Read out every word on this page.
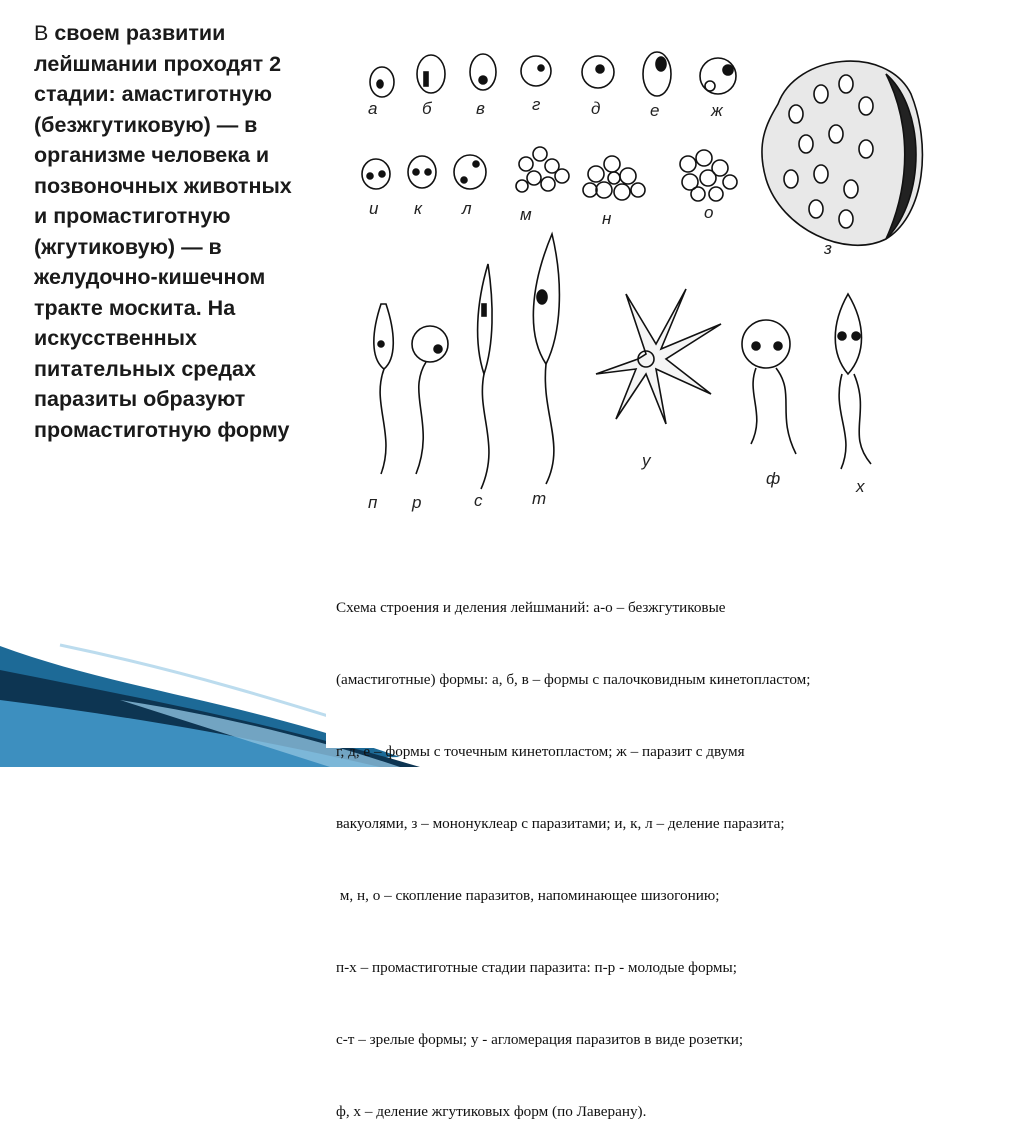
В своем развитии лейшмании проходят 2 стадии: амастиготную (безжгутиковую) — в организме человека и позвоночных животных и промастиготную (жгутиковую) — в желудочно-кишечном тракте москита. На искусственных питательных средах паразиты образуют промастиготную форму
а	б	в	г	д	е	ж
и к л	м	н	о
з
п р	с	т
у
ф	х

Схема строения и деления лейшманий: а-о – безжгутиковые

(амастиготные) формы: а, б, в – формы с палочковидным кинетопластом;

г, д, е – формы с точечным кинетопластом; ж – паразит с двумя

вакуолями, з – мононуклеар с паразитами; и, к, л – деление паразита;

м, н, о – скопление паразитов, напоминающее шизогонию;

п-х – промастиготные стадии паразита: п-р - молодые формы;

с-т – зрелые формы; у - агломерация паразитов в виде розетки;

ф, х – деление жгутиковых форм (по Лаверану).
